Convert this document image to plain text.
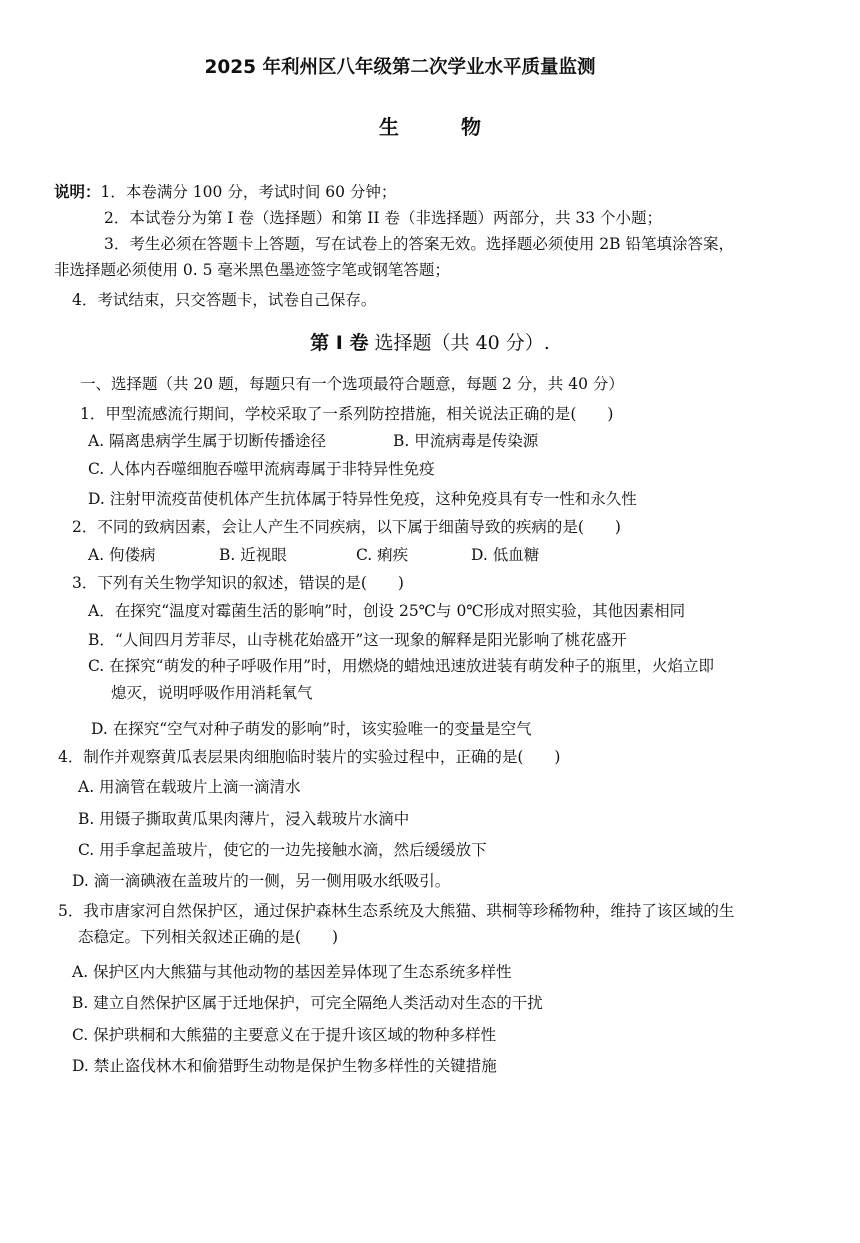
2025 年利州区八年级第二次学业水平质量监测
生物
说明：1．本卷满分 100 分，考试时间 60 分钟；
2．本试卷分为第 I 卷（选择题）和第 II 卷（非选择题）两部分，共 33 个小题；
3．考生必须在答题卡上答题，写在试卷上的答案无效。选择题必须使用 2B 铅笔填涂答案，
非选择题必须使用 0. 5 毫米黑色墨迹签字笔或钢笔答题；
4．考试结束，只交答题卡，试卷自己保存。
第 I 卷 选择题（共 40 分）.
一、选择题（共 20 题，每题只有一个选项最符合题意，每题 2 分，共 40 分）
1．甲型流感流行期间，学校采取了一系列防控措施，相关说法正确的是(　　)
A. 隔离患病学生属于切断传播途径	B. 甲流病毒是传染源
C. 人体内吞噬细胞吞噬甲流病毒属于非特异性免疫
D. 注射甲流疫苗使机体产生抗体属于特异性免疫，这种免疫具有专一性和永久性
2．不同的致病因素，会让人产生不同疾病，以下属于细菌导致的疾病的是(　　)
A. 佝偻病	B. 近视眼	C. 痢疾	D. 低血糖
3．下列有关生物学知识的叙述，错误的是(　　)
A．在探究“温度对霉菌生活的影响”时，创设 25℃与 0℃形成对照实验，其他因素相同
B．“人间四月芳菲尽，山寺桃花始盛开”这一现象的解释是阳光影响了桃花盛开
C. 在探究“萌发的种子呼吸作用”时，用燃烧的蜡烛迅速放进装有萌发种子的瓶里，火焰立即
熄灭，说明呼吸作用消耗氧气
D. 在探究“空气对种子萌发的影响”时，该实验唯一的变量是空气
4．制作并观察黄瓜表层果肉细胞临时装片的实验过程中，正确的是(　　)
A. 用滴管在载玻片上滴一滴清水
B. 用镊子撕取黄瓜果肉薄片，浸入载玻片水滴中
C. 用手拿起盖玻片，使它的一边先接触水滴，然后缓缓放下
D. 滴一滴碘液在盖玻片的一侧，另一侧用吸水纸吸引。
5．我市唐家河自然保护区，通过保护森林生态系统及大熊猫、珙桐等珍稀物种，维持了该区域的生
态稳定。下列相关叙述正确的是(　　)
A. 保护区内大熊猫与其他动物的基因差异体现了生态系统多样性
B. 建立自然保护区属于迁地保护，可完全隔绝人类活动对生态的干扰
C. 保护珙桐和大熊猫的主要意义在于提升该区域的物种多样性
D. 禁止盗伐林木和偷猎野生动物是保护生物多样性的关键措施
